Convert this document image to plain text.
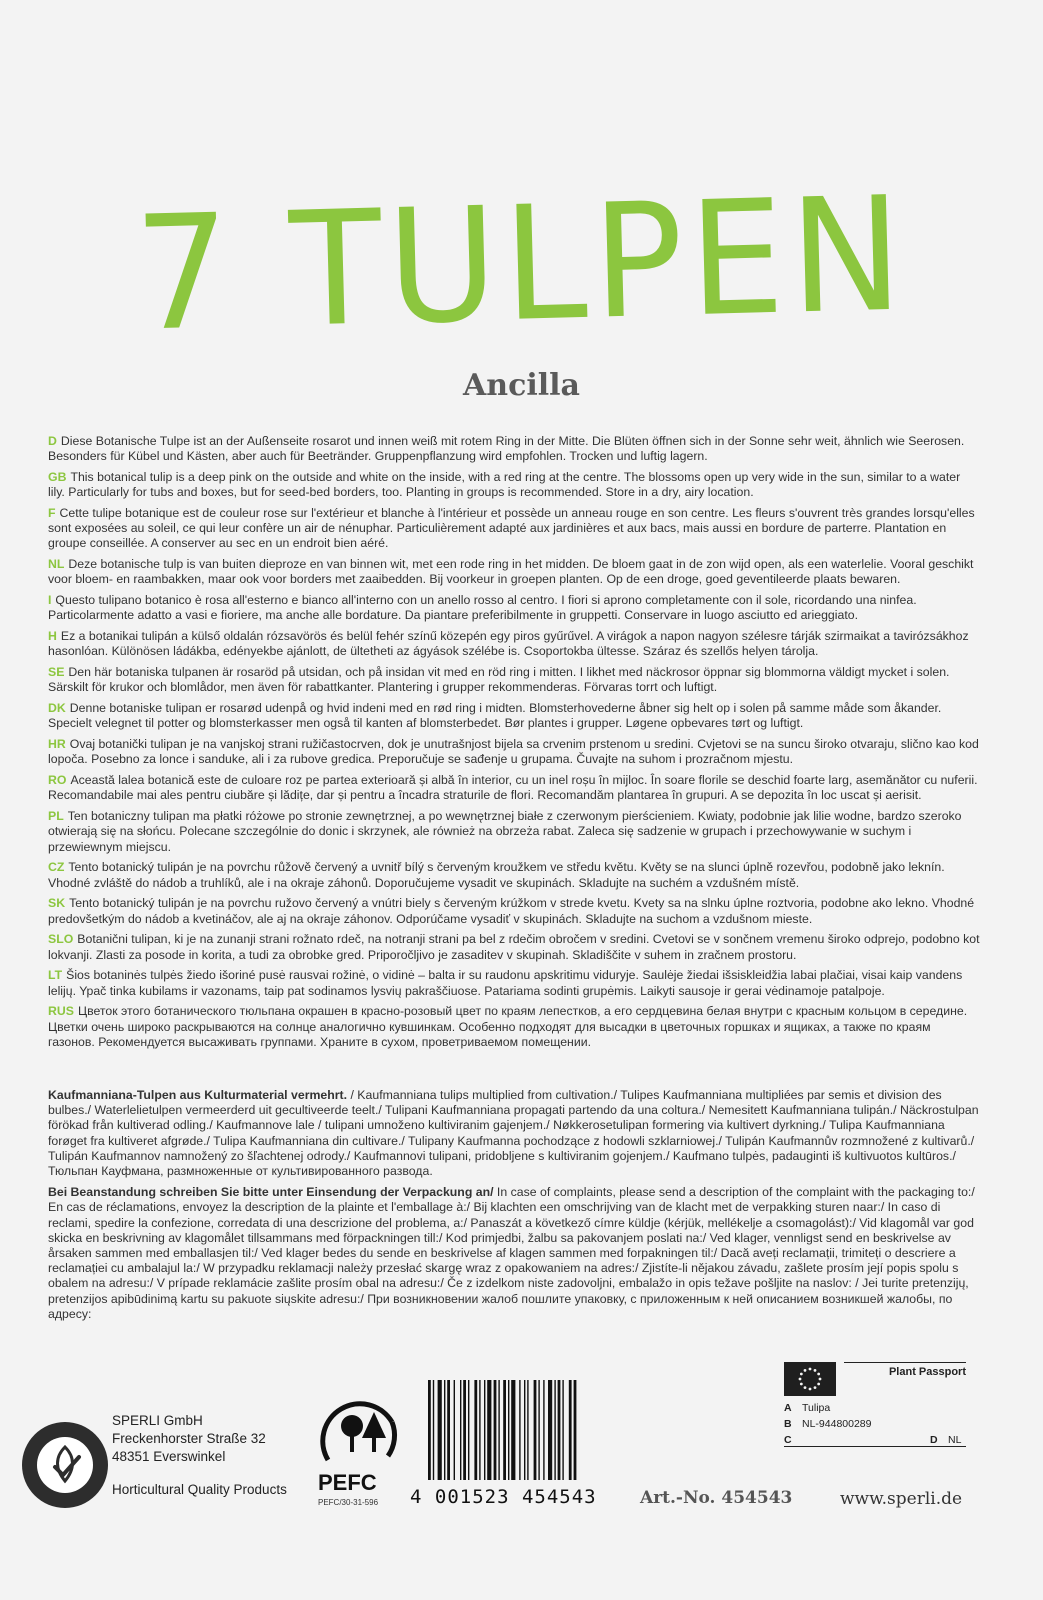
7 TULPEN
Ancilla

D Diese Botanische Tulpe ist an der Außenseite rosarot und innen weiß mit rotem Ring in der Mitte. Die Blüten öffnen sich in der Sonne sehr weit, ähnlich wie Seerosen. Besonders für Kübel und Kästen, aber auch für Beetränder. Gruppenpflanzung wird empfohlen. Trocken und luftig lagern.

GB This botanical tulip is a deep pink on the outside and white on the inside, with a red ring at the centre. The blossoms open up very wide in the sun, similar to a water lily. Particularly for tubs and boxes, but for seed-bed borders, too. Planting in groups is recommended. Store in a dry, airy location.

F Cette tulipe botanique est de couleur rose sur l'extérieur et blanche à l'intérieur et possède un anneau rouge en son centre. Les fleurs s'ouvrent très grandes lorsqu'elles sont exposées au soleil, ce qui leur confère un air de nénuphar. Particulièrement adapté aux jardinières et aux bacs, mais aussi en bordure de parterre. Plantation en groupe conseillée. A conserver au sec en un endroit bien aéré.

NL Deze botanische tulp is van buiten dieproze en van binnen wit, met een rode ring in het midden. De bloem gaat in de zon wijd open, als een waterlelie. Vooral geschikt voor bloem- en raambakken, maar ook voor borders met zaaibedden. Bij voorkeur in groepen planten. Op de een droge, goed geventileerde plaats bewaren.

I Questo tulipano botanico è rosa all'esterno e bianco all'interno con un anello rosso al centro. I fiori si aprono completamente con il sole, ricordando una ninfea. Particolarmente adatto a vasi e fioriere, ma anche alle bordature. Da piantare preferibilmente in gruppetti. Conservare in luogo asciutto ed arieggiato.

H Ez a botanikai tulipán a külső oldalán rózsavörös és belül fehér színű közepén egy piros gyűrűvel. A virágok a napon nagyon szélesre tárják szirmaikat a tavirózsákhoz hasonlóan. Különösen ládákba, edényekbe ajánlott, de ültetheti az ágyások szélébe is. Csoportokba ültesse. Száraz és szellős helyen tárolja.

SE Den här botaniska tulpanen är rosaröd på utsidan, och på insidan vit med en röd ring i mitten. I likhet med näckrosor öppnar sig blommorna väldigt mycket i solen. Särskilt för krukor och blomlådor, men även för rabattkanter. Plantering i grupper rekommenderas. Förvaras torrt och luftigt.

DK Denne botaniske tulipan er rosarød udenpå og hvid indeni med en rød ring i midten. Blomsterhovederne åbner sig helt op i solen på samme måde som åkander. Specielt velegnet til potter og blomsterkasser men også til kanten af blomsterbedet. Bør plantes i grupper. Løgene opbevares tørt og luftigt.

HR Ovaj botanički tulipan je na vanjskoj strani ružičastocrven, dok je unutrašnjost bijela sa crvenim prstenom u sredini. Cvjetovi se na suncu široko otvaraju, slično kao kod lopoča. Posebno za lonce i sanduke, ali i za rubove gredica. Preporučuje se sađenje u grupama. Čuvajte na suhom i prozračnom mjestu.

RO Această lalea botanică este de culoare roz pe partea exterioară și albă în interior, cu un inel roșu în mijloc. În soare florile se deschid foarte larg, asemănător cu nuferii. Recomandabile mai ales pentru ciubăre și lădițe, dar și pentru a încadra straturile de flori. Recomandăm plantarea în grupuri. A se depozita în loc uscat și aerisit.

PL Ten botaniczny tulipan ma płatki różowe po stronie zewnętrznej, a po wewnętrznej białe z czerwonym pierścieniem. Kwiaty, podobnie jak lilie wodne, bardzo szeroko otwierają się na słońcu. Polecane szczególnie do donic i skrzynek, ale również na obrzeża rabat. Zaleca się sadzenie w grupach i przechowywanie w suchym i przewiewnym miejscu.

CZ Tento botanický tulipán je na povrchu růžově červený a uvnitř bílý s červeným kroužkem ve středu květu. Květy se na slunci úplně rozevřou, podobně jako leknín. Vhodné zvláště do nádob a truhlíků, ale i na okraje záhonů. Doporučujeme vysadit ve skupinách. Skladujte na suchém a vzdušném místě.

SK Tento botanický tulipán je na povrchu ružovo červený a vnútri biely s červeným krúžkom v strede kvetu. Kvety sa na slnku úplne roztvoria, podobne ako lekno. Vhodné predovšetkým do nádob a kvetináčov, ale aj na okraje záhonov. Odporúčame vysadiť v skupinách. Skladujte na suchom a vzdušnom mieste.

SLO Botanični tulipan, ki je na zunanji strani rožnato rdeč, na notranji strani pa bel z rdečim obročem v sredini. Cvetovi se v sončnem vremenu široko odprejo, podobno kot lokvanji. Zlasti za posode in korita, a tudi za obrobke gred. Priporočljivo je zasaditev v skupinah. Skladiščite v suhem in zračnem prostoru.

LT Šios botaninės tulpės žiedo išoriné pusė rausvai rožinė, o vidinė – balta ir su raudonu apskritimu viduryje. Saulėje žiedai išsiskleidžia labai plačiai, visai kaip vandens lelijų. Ypač tinka kubilams ir vazonams, taip pat sodinamos lysvių pakraščiuose. Patariama sodinti grupėmis. Laikyti sausoje ir gerai vėdinamoje patalpoje.

RUS Цветок этого ботанического тюльпана окрашен в красно-розовый цвет по краям лепестков, а его сердцевина белая внутри с красным кольцом в середине. Цветки очень широко раскрываются на солнце аналогично кувшинкам. Особенно подходят для высадки в цветочных горшках и ящиках, а также по краям газонов. Рекомендуется высаживать группами. Храните в сухом, проветриваемом помещении.

Kaufmanniana-Tulpen aus Kulturmaterial vermehrt. / Kaufmanniana tulips multiplied from cultivation./ Tulipes Kaufmanniana multipliées par semis et division des bulbes./ Waterlelietulpen vermeerderd uit gecultiveerde teelt./ Tulipani Kaufmanniana propagati partendo da una coltura./ Nemesitett Kaufmanniana tulipán./ Näckrostulpan förökad från kultiverad odling./ Kaufmannove lale / tulipani umnoženo kultiviranim gajenjem./ Nøkkerosetulipan formering via kultivert dyrkning./ Tulipa Kaufmanniana forøget fra kultiveret afgrøde./ Tulipa Kaufmanniana din cultivare./ Tulipany Kaufmanna pochodzące z hodowli szklarniowej./ Tulipán Kaufmannův rozmnožené z kultivarů./ Tulipán Kaufmannov namnožený zo šľachtenej odrody./ Kaufmannovi tulipani, pridobljene s kultiviranim gojenjem./ Kaufmano tulpės, padauginti iš kultivuotos kultūros./ Тюльпан Кауфмана, размноженные от культивированного развода.

Bei Beanstandung schreiben Sie bitte unter Einsendung der Verpackung an/ In case of complaints, please send a description of the complaint with the packaging to:/ En cas de réclamations, envoyez la description de la plainte et l'emballage à:/ Bij klachten een omschrijving van de klacht met de verpakking sturen naar:/ In caso di reclami, spedire la confezione, corredata di una descrizione del problema, a:/ Panaszát a következő címre küldje (kérjük, mellékelje a csomagolást):/ Vid klagomål var god skicka en beskrivning av klagomålet tillsammans med förpackningen till:/ Kod primjedbi, žalbu sa pakovanjem poslati na:/ Ved klager, vennligst send en beskrivelse av årsaken sammen med emballasjen til:/ Ved klager bedes du sende en beskrivelse af klagen sammen med forpakningen til:/ Dacă aveți reclamații, trimiteți o descriere a reclamației cu ambalajul la:/ W przypadku reklamacji należy przesłać skargę wraz z opakowaniem na adres:/ Zjistíte-li nějakou závadu, zašlete prosím její popis spolu s obalem na adresu:/ V prípade reklamácie zašlite prosím obal na adresu:/ Če z izdelkom niste zadovoljni, embalažo in opis težave pošljite na naslov: / Jei turite pretenzijų, pretenzijos apibūdinimą kartu su pakuote siųskite adresu:/ При возникновении жалоб пошлите упаковку, с приложенным к ней описанием возникшей жалобы, по адресу:

SPERLI GmbH
Freckenhorster Straße 32
48351 Everswinkel
Horticultural Quality Products PEFC
PEFC/30-31-596 4 001523 454543	Art.-No. 454543	www.sperli.de
Plant Passport
A Tulipa
B NL-944800289
C	D NL
